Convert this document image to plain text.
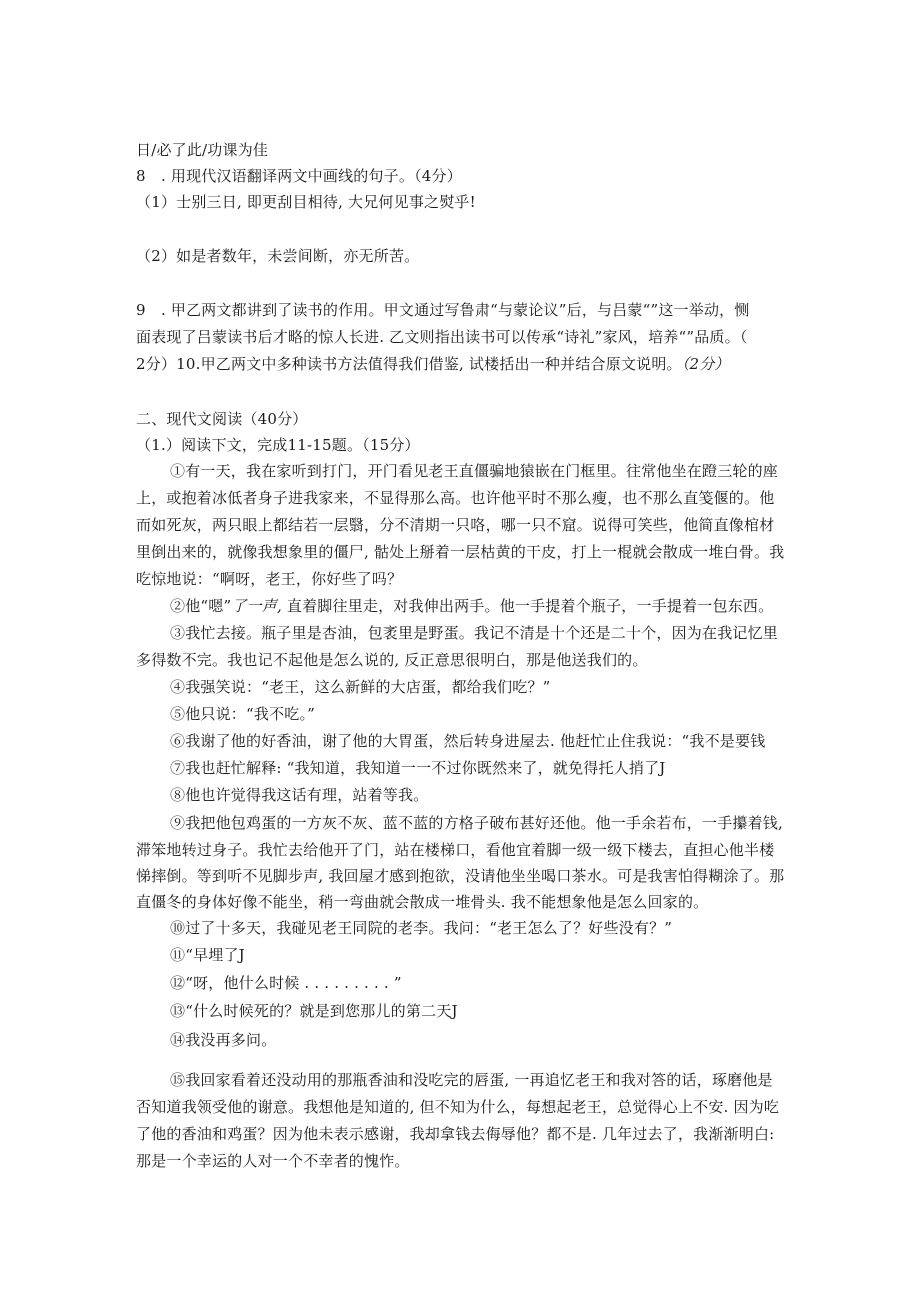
日/必了此/功课为佳
8　. 用现代汉语翻译两文中画线的句子。（4分）
（1）士别三日, 即更刮目相待, 大兄何见事之熨乎!
（2）如是者数年，未尝间断，亦无所苦。
9　. 甲乙两文都讲到了读书的作用。甲文通过写鲁肃“与蒙论议”后，与吕蒙“”这一举动，恻
面表现了吕蒙读书后才略的惊人长进. 乙文则指出读书可以传承“诗礼”家风，培养“”品质。（
2分）10.甲乙两文中多种读书方法值得我们借鉴, 试楼括出一种并结合原文说明。（2分）
二、现代文阅读（40分）
（1.）阅读下文，完成11-15题。（15分）
①有一天，我在家听到打门，开门看见老王直僵骗地猿嵌在门框里。往常他坐在蹬三轮的座
上，或抱着冰低者身子进我家来，不显得那么高。也许他平时不那么瘦，也不那么直笺偃的。他
而如死灰，两只眼上都结若一层翳，分不清期一只咯，哪一只不窟。说得可笑些，他简直像棺材
里倒出来的，就像我想象里的僵尸, 骷处上掰着一层枯黄的干皮，打上一棍就会散成一堆白骨。我
吃惊地说：“啊呀，老王，你好些了吗？
②他“嗯”了一声, 直着脚往里走，对我伸出两手。他一手提着个瓶子，一手提着一包东西。
③我忙去接。瓶子里是杏油，包袤里是野蛋。我记不清是十个还是二十个，因为在我记忆里
多得数不完。我也记不起他是怎么说的, 反正意思很明白，那是他送我们的。
④我强笑说：“老王，这么新鲜的大店蛋，都给我们吃？”
⑤他只说：“我不吃。”
⑥我谢了他的好香油，谢了他的大胃蛋，然后转身进屋去. 他赶忙止住我说：“我不是要钱
⑦我也赶忙解释: “我知道，我知道一一不过你既然来了，就免得托人捎了J
⑧他也许觉得我这话有理，站着等我。
⑨我把他包鸡蛋的一方灰不灰、蓝不蓝的方格子破布甚好还他。他一手余若布，一手攥着钱,
滞笨地转过身子。我忙去给他开了门，站在楼梯口，看他宜着脚一级一级下楼去，直担心他半楼
悌摔倒。等到听不见脚步声, 我回屋才感到抱欲，没请他坐坐喝口茶水。可是我害怕得糊涂了。那
直僵冬的身体好像不能坐，稍一弯曲就会散成一堆骨头. 我不能想象他是怎么回家的。
⑩过了十多天，我碰见老王同院的老李。我问：“老王怎么了？好些没有？”
⑪“早埋了J
⑫“呀，他什么时候 . . . . . . . . . ”
⑬“什么时候死的？就是到您那儿的第二天J
⑭我没再多问。
⑮我回家看着还没动用的那瓶香油和没吃完的唇蛋, 一再追忆老王和我对答的话，琢磨他是
否知道我领受他的谢意。我想他是知道的, 但不知为什么，每想起老王，总觉得心上不安. 因为吃
了他的香油和鸡蛋？因为他未表示感谢，我却拿钱去侮辱他？都不是. 几年过去了，我渐渐明白:
那是一个幸运的人对一个不幸者的愧怍。
